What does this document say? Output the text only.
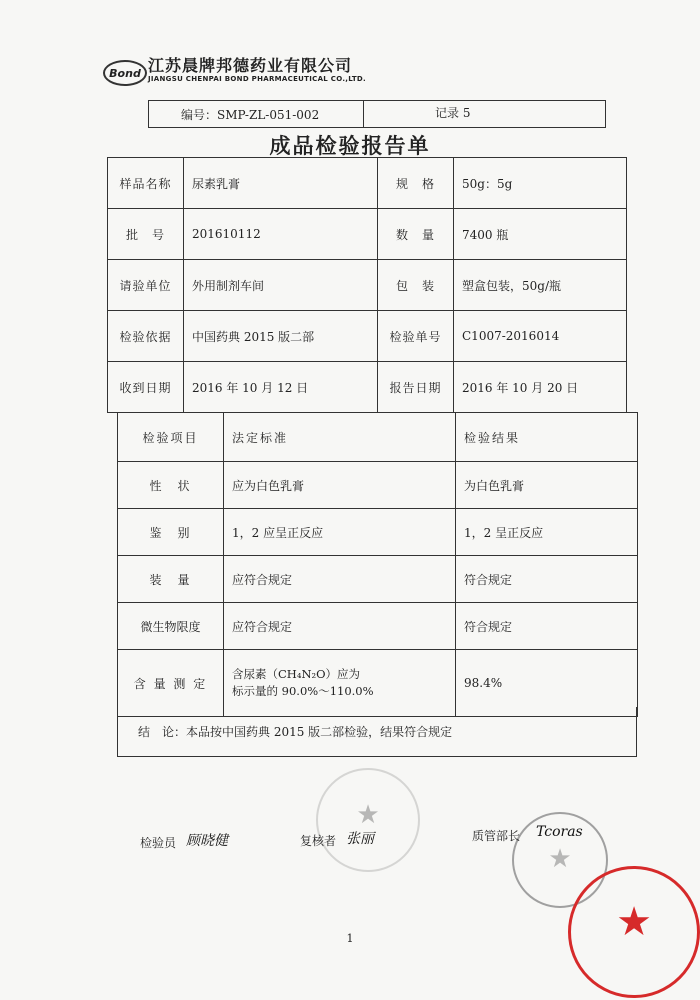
Bond 江苏晨牌邦德药业有限公司
JIANGSU CHENPAI BOND PHARMACEUTICAL CO.,LTD.
编号：SMP-ZL-051-002	记录 5
成品检验报告单
样品名称	尿素乳膏	规　格	50g：5g
批　号	201610112	数　量	7400 瓶
请验单位	外用制剂车间	包　装	塑盒包装，50g/瓶
检验依据	中国药典 2015 版二部	检验单号	C1007-2016014
收到日期	2016 年 10 月 12 日	报告日期	2016 年 10 月 20 日
检验项目	法定标准	检验结果
性　状	应为白色乳膏	为白色乳膏
鉴　别	1，2 应呈正反应	1，2 呈正反应
装　量	应符合规定	符合规定
微生物限度	应符合规定	符合规定
含 量 测 定	含尿素（CH₄N₂O）应为
标示量的 90.0%～110.0%	98.4%
结　论：本品按中国药典 2015 版二部检验，结果符合规定
★
★
★
检验员 顾晓健	复核者 张丽	质管部长 Tcoras
1
